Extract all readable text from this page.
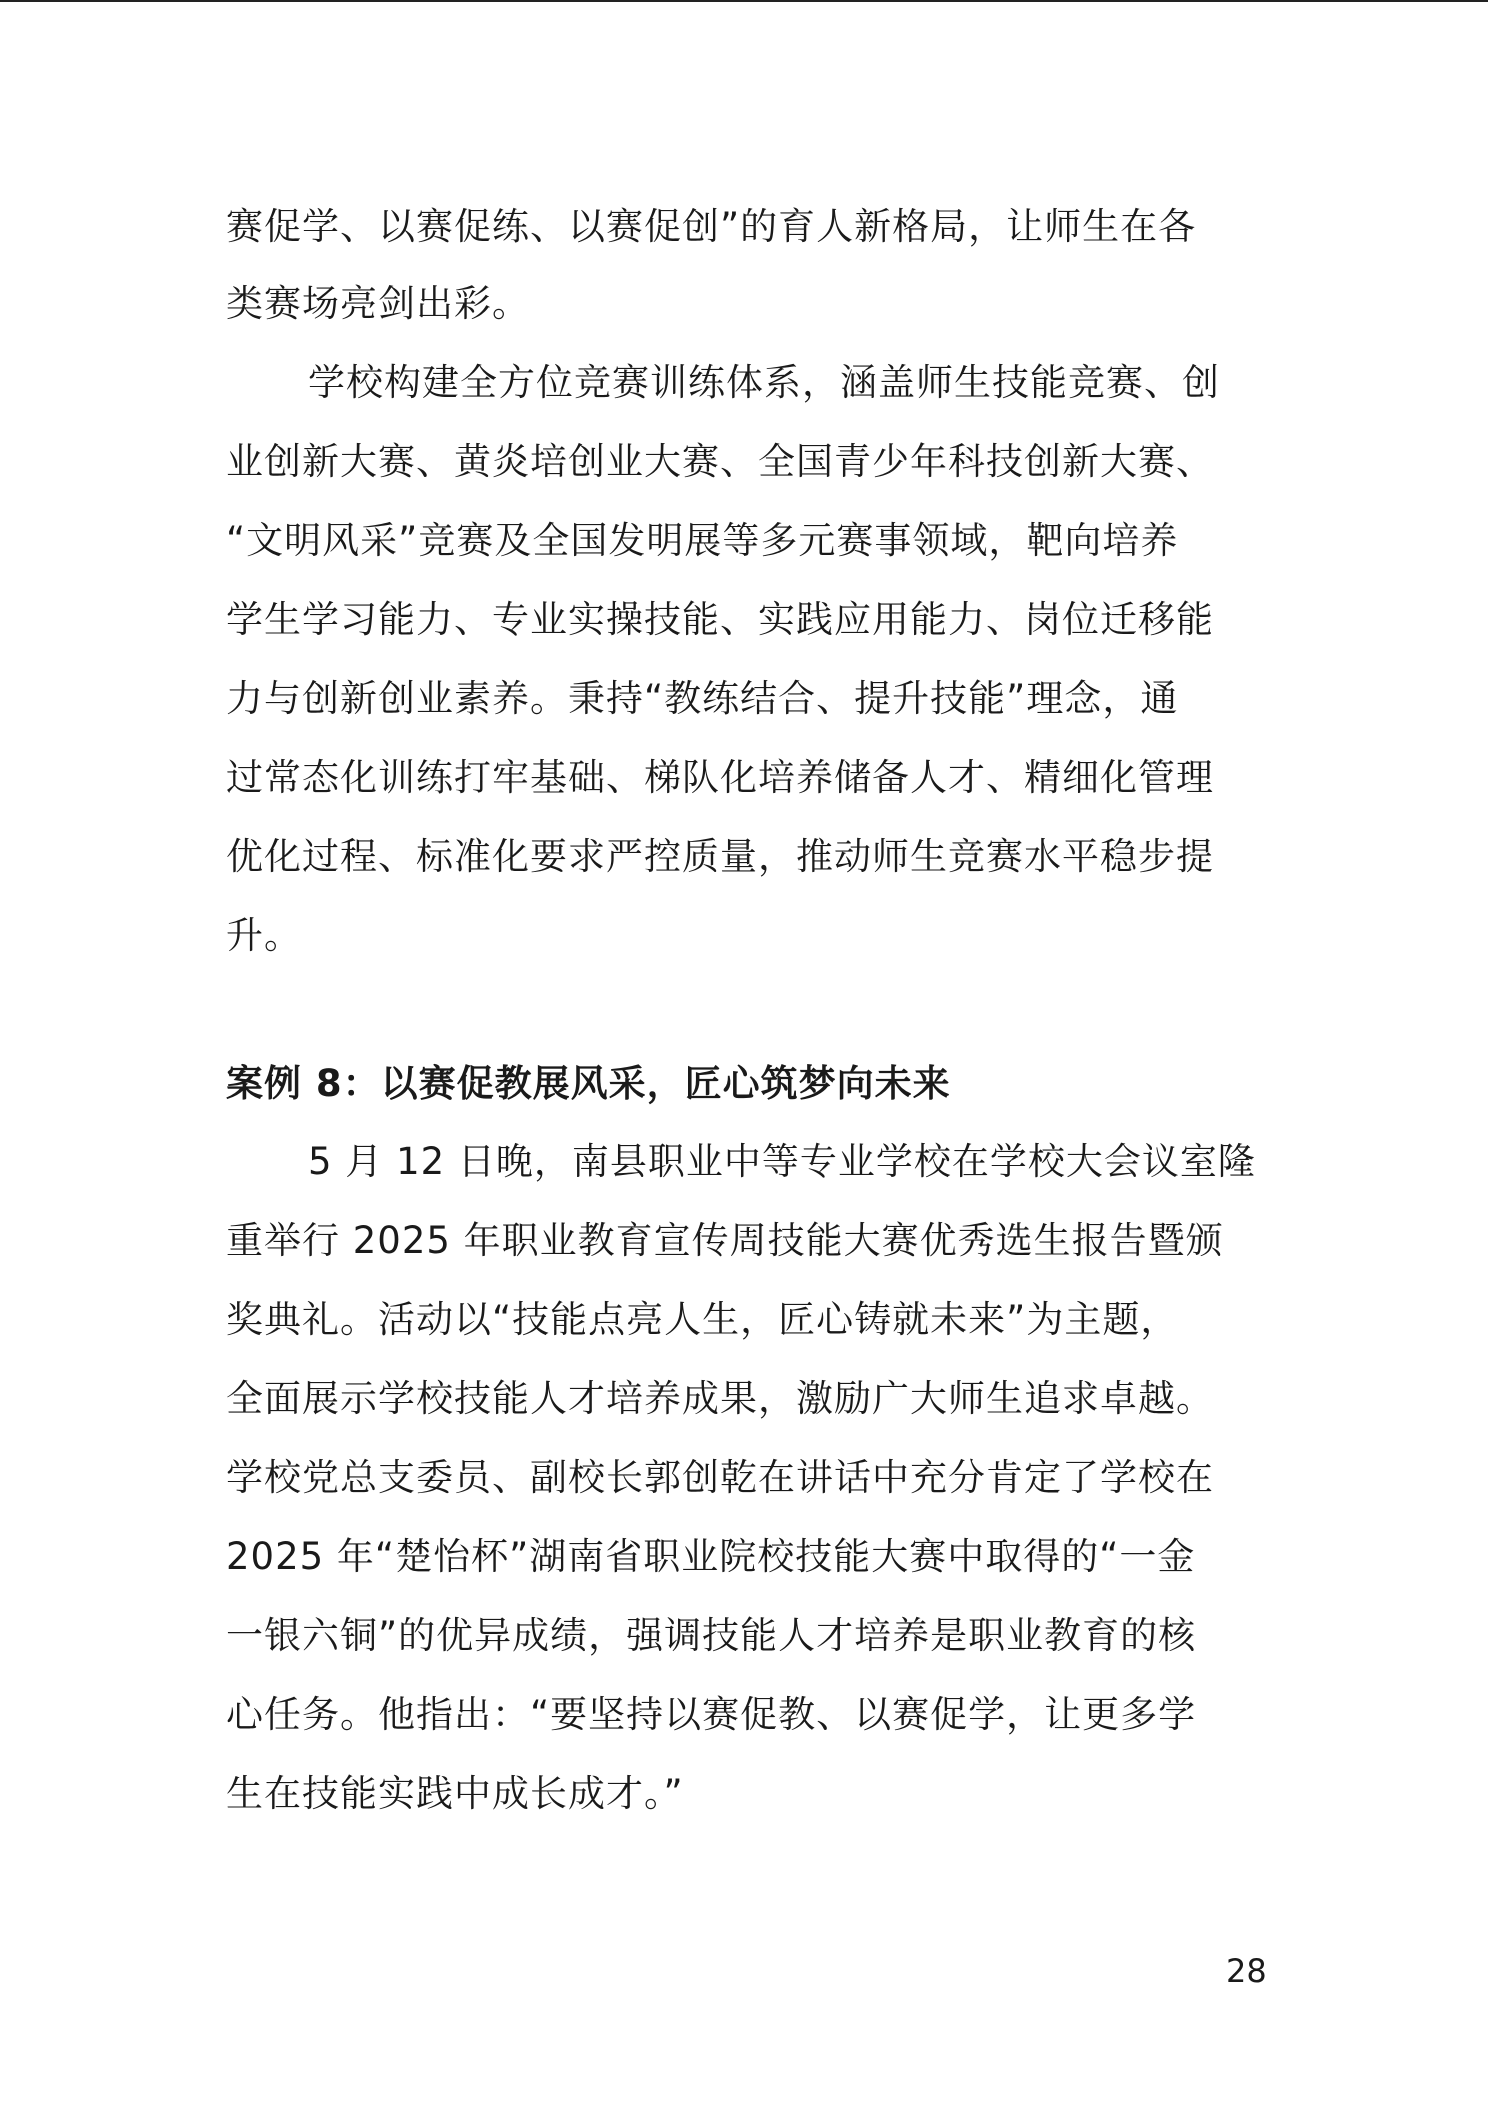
赛促学、以赛促练、以赛促创”的育人新格局，让师生在各
类赛场亮剑出彩。
学校构建全方位竞赛训练体系，涵盖师生技能竞赛、创
业创新大赛、黄炎培创业大赛、全国青少年科技创新大赛、
“文明风采”竞赛及全国发明展等多元赛事领域，靶向培养
学生学习能力、专业实操技能、实践应用能力、岗位迁移能
力与创新创业素养。秉持“教练结合、提升技能”理念，通
过常态化训练打牢基础、梯队化培养储备人才、精细化管理
优化过程、标准化要求严控质量，推动师生竞赛水平稳步提
升。
案例 8：以赛促教展风采，匠心筑梦向未来
5 月 12 日晚，南县职业中等专业学校在学校大会议室隆
重举行 2025 年职业教育宣传周技能大赛优秀选生报告暨颁
奖典礼。活动以“技能点亮人生，匠心铸就未来”为主题，
全面展示学校技能人才培养成果，激励广大师生追求卓越。
学校党总支委员、副校长郭创乾在讲话中充分肯定了学校在
2025 年“楚怡杯”湖南省职业院校技能大赛中取得的“一金
一银六铜”的优异成绩，强调技能人才培养是职业教育的核
心任务。他指出：“要坚持以赛促教、以赛促学，让更多学
生在技能实践中成长成才。”
28
